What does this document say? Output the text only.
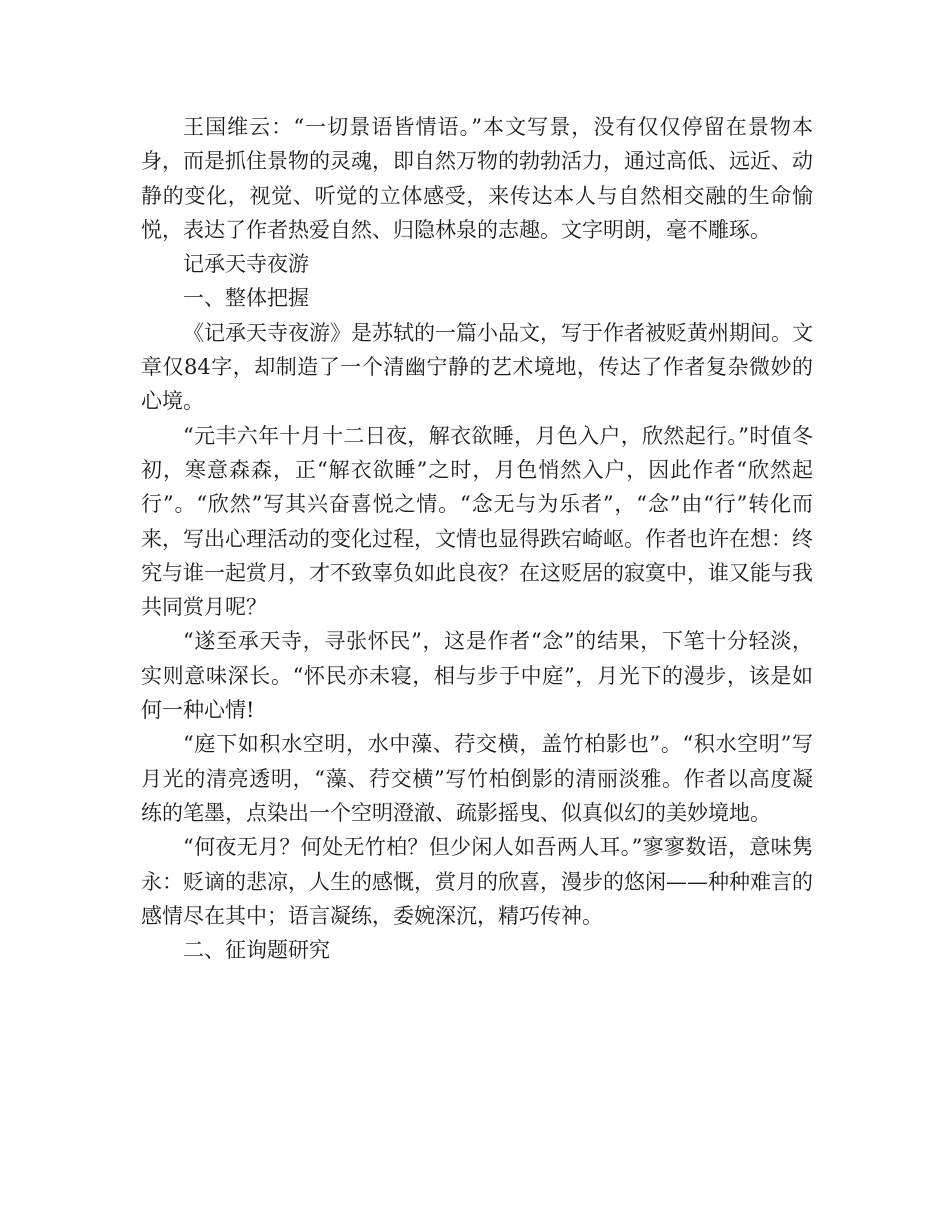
王国维云：“一切景语皆情语。”本文写景，没有仅仅停留在景物本身，而是抓住景物的灵魂，即自然万物的勃勃活力，通过高低、远近、动静的变化，视觉、听觉的立体感受，来传达本人与自然相交融的生命愉悦，表达了作者热爱自然、归隐林泉的志趣。文字明朗，毫不雕琢。

记承天寺夜游

一、整体把握

《记承天寺夜游》是苏轼的一篇小品文，写于作者被贬黄州期间。文章仅84字，却制造了一个清幽宁静的艺术境地，传达了作者复杂微妙的心境。

“元丰六年十月十二日夜，解衣欲睡，月色入户，欣然起行。”时值冬初，寒意森森，正“解衣欲睡”之时，月色悄然入户，因此作者“欣然起行”。“欣然”写其兴奋喜悦之情。“念无与为乐者”，“念”由“行”转化而来，写出心理活动的变化过程，文情也显得跌宕崎岖。作者也许在想：终究与谁一起赏月，才不致辜负如此良夜？在这贬居的寂寞中，谁又能与我共同赏月呢？

“遂至承天寺，寻张怀民”，这是作者“念”的结果，下笔十分轻淡，实则意味深长。“怀民亦未寝，相与步于中庭”，月光下的漫步，该是如何一种心情!

“庭下如积水空明，水中藻、荇交横，盖竹柏影也”。“积水空明”写月光的清亮透明，“藻、荇交横”写竹柏倒影的清丽淡雅。作者以高度凝练的笔墨，点染出一个空明澄澈、疏影摇曳、似真似幻的美妙境地。

“何夜无月？何处无竹柏？但少闲人如吾两人耳。”寥寥数语，意味隽永：贬谪的悲凉，人生的感慨，赏月的欣喜，漫步的悠闲——种种难言的感情尽在其中；语言凝练，委婉深沉，精巧传神。

二、征询题研究
